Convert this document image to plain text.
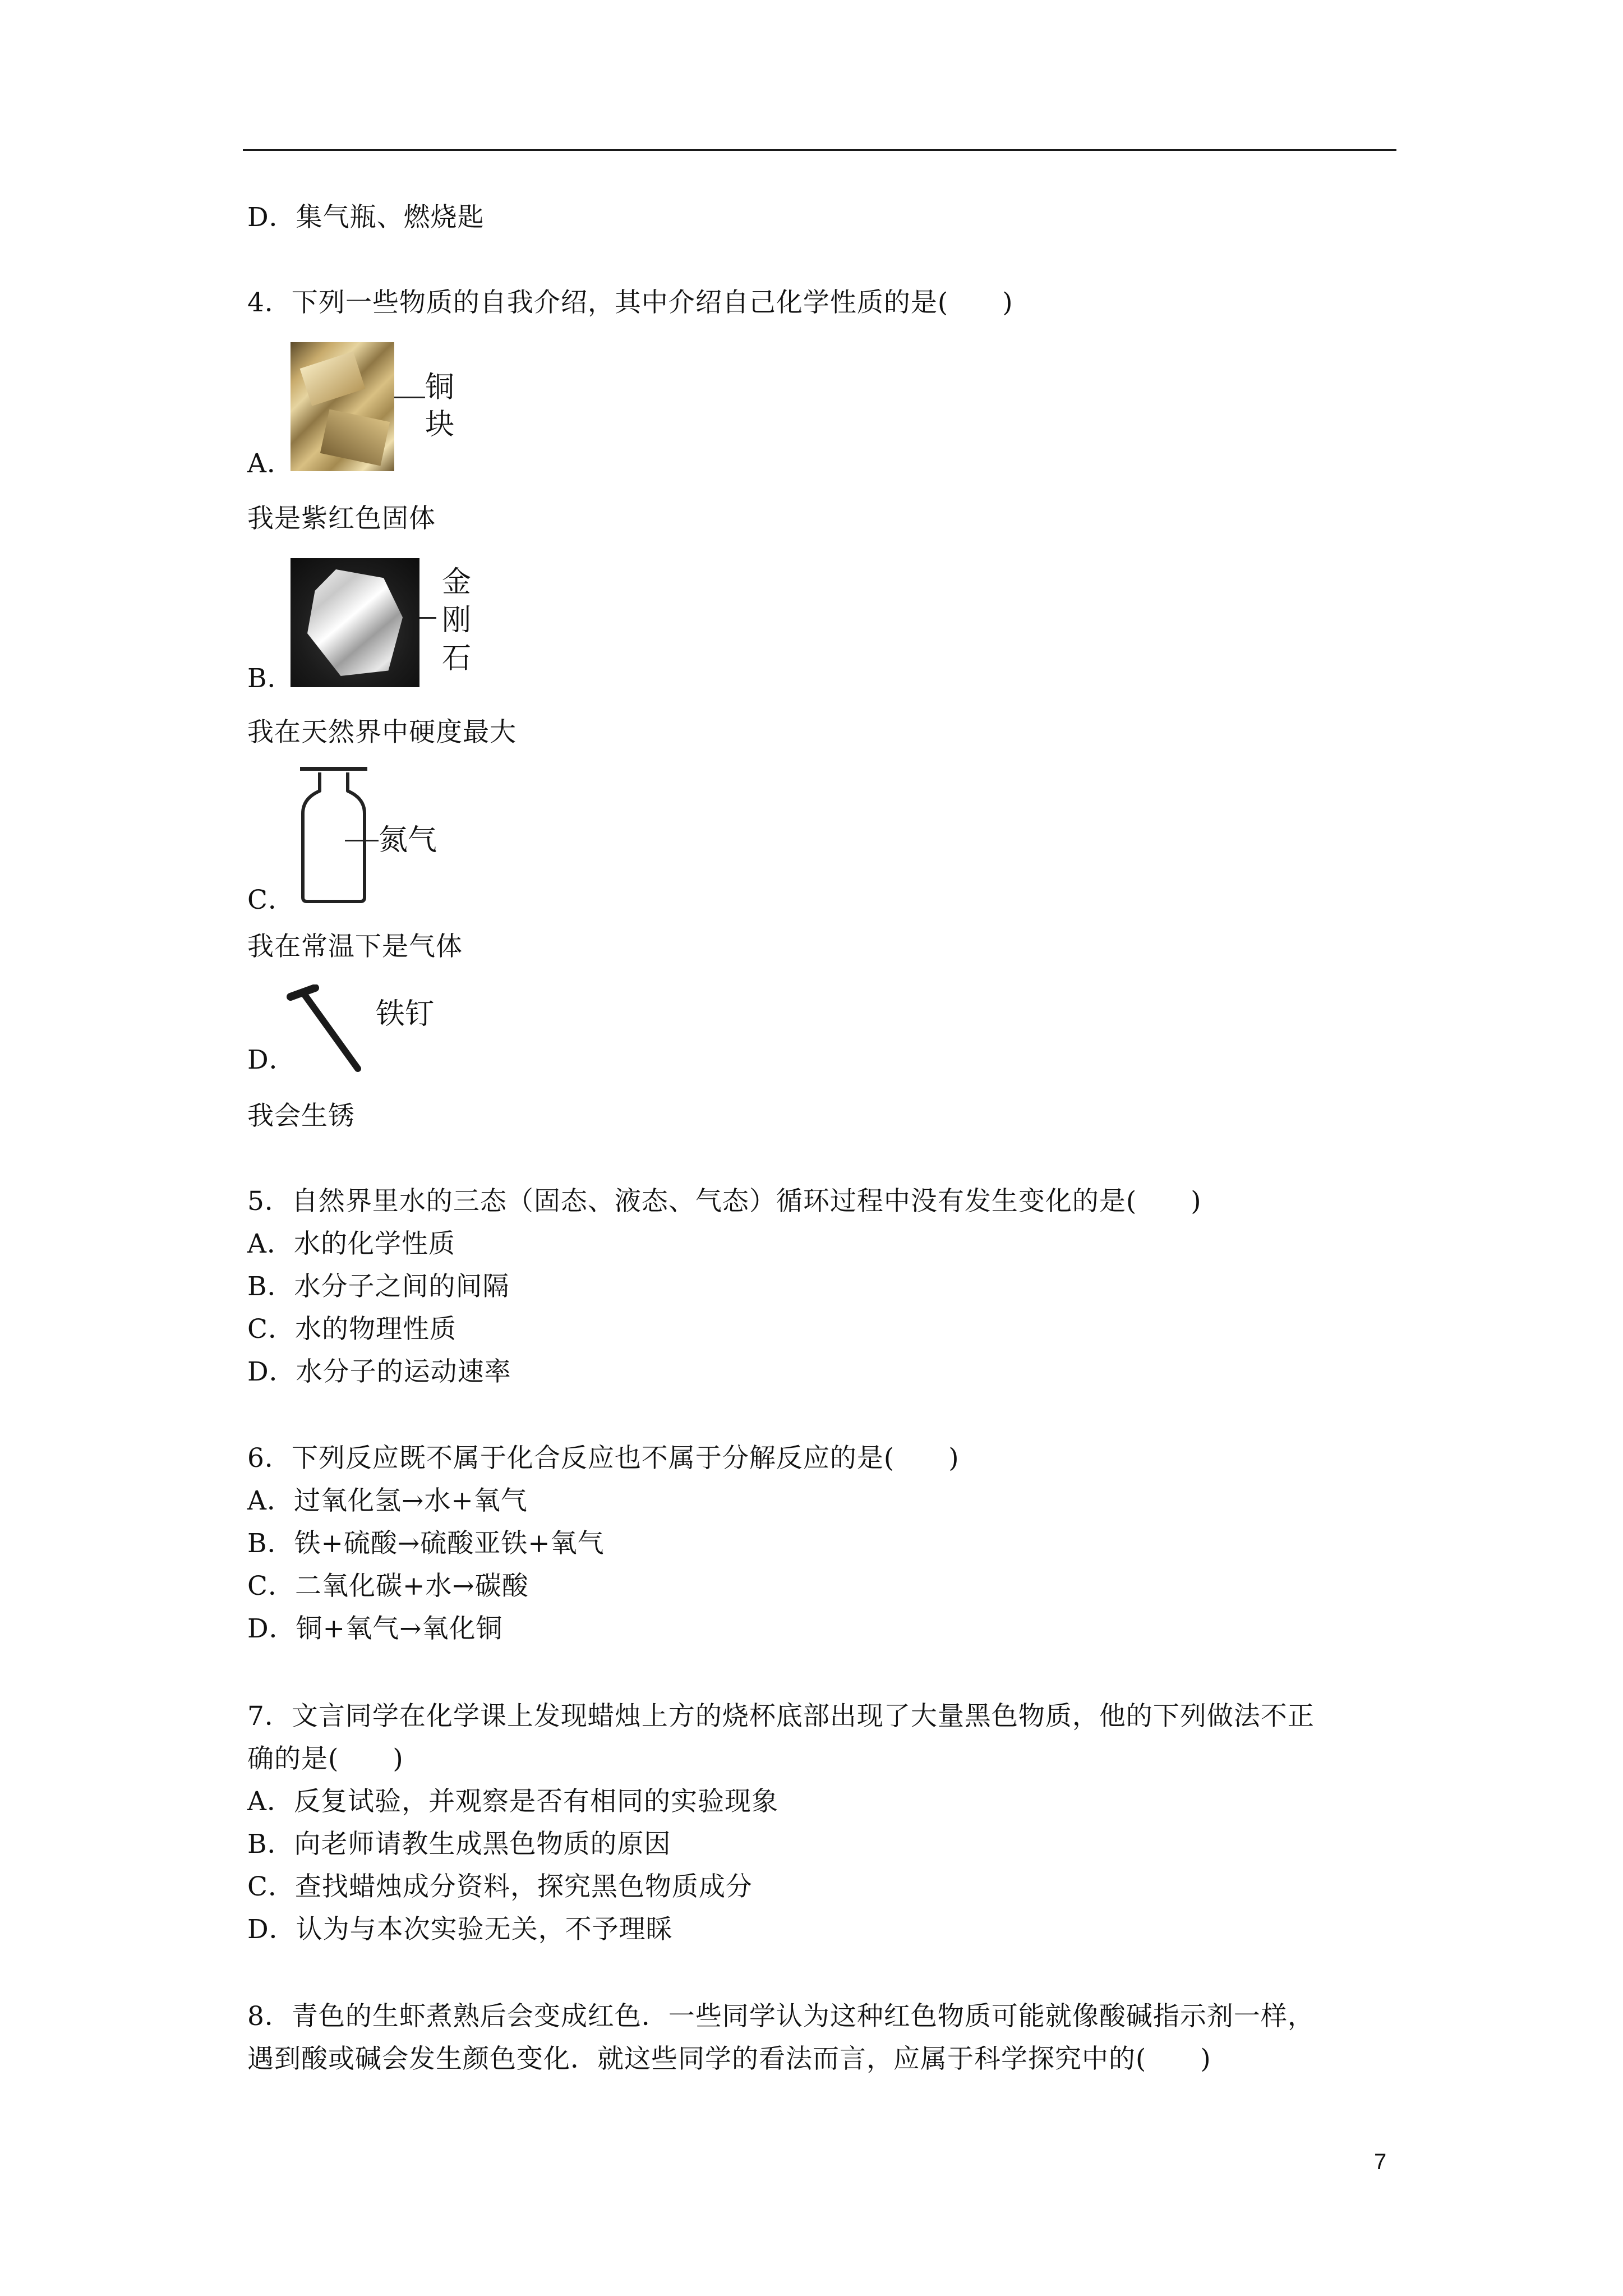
D．集气瓶、燃烧匙
4．下列一些物质的自我介绍，其中介绍自己化学性质的是(　　)
铜
块
A．
我是紫红色固体
金
刚
石
B．
我在天然界中硬度最大
氮气
C．
我在常温下是气体
铁钉
D．
我会生锈
5．自然界里水的三态（固态、液态、气态）循环过程中没有发生变化的是(　　)
A．水的化学性质
B．水分子之间的间隔
C．水的物理性质
D．水分子的运动速率
6．下列反应既不属于化合反应也不属于分解反应的是(　　)
A．过氧化氢→水+氧气
B．铁+硫酸→硫酸亚铁+氧气
C．二氧化碳+水→碳酸
D．铜+氧气→氧化铜
7．文言同学在化学课上发现蜡烛上方的烧杯底部出现了大量黑色物质，他的下列做法不正
确的是(　　)
A．反复试验，并观察是否有相同的实验现象
B．向老师请教生成黑色物质的原因
C．查找蜡烛成分资料，探究黑色物质成分
D．认为与本次实验无关，不予理睬
8．青色的生虾煮熟后会变成红色．一些同学认为这种红色物质可能就像酸碱指示剂一样，
遇到酸或碱会发生颜色变化．就这些同学的看法而言，应属于科学探究中的(　　)
7
